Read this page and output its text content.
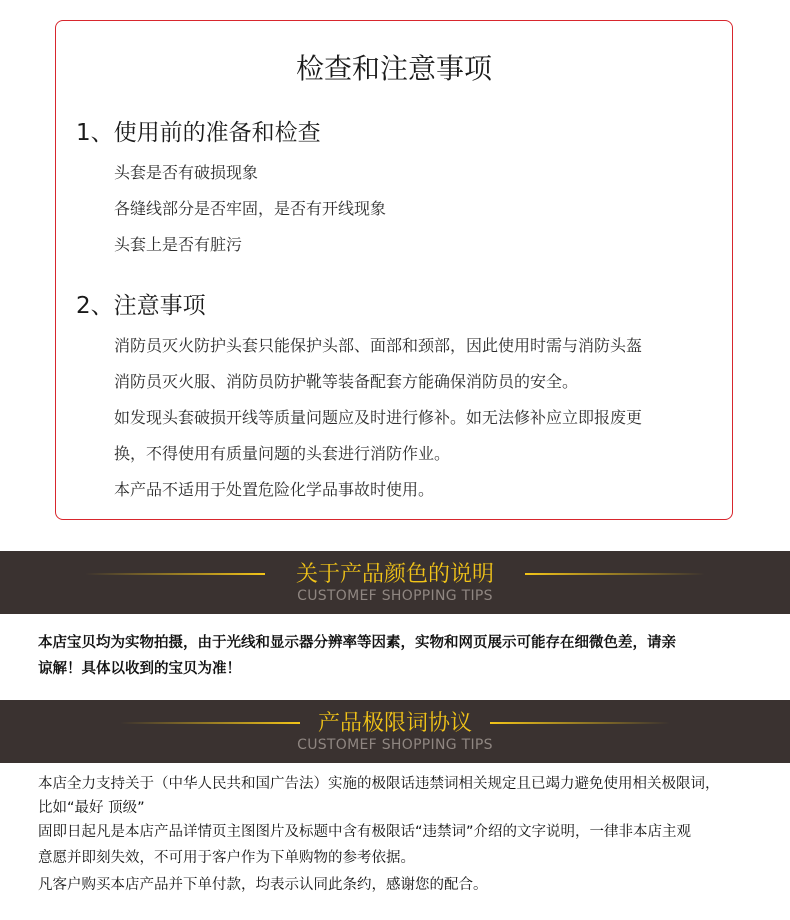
检查和注意事项
1、使用前的准备和检查
头套是否有破损现象
各缝线部分是否牢固，是否有开线现象
头套上是否有脏污
2、注意事项
消防员灭火防护头套只能保护头部、面部和颈部，因此使用时需与消防头盔
消防员灭火服、消防员防护靴等装备配套方能确保消防员的安全。
如发现头套破损开线等质量问题应及时进行修补。如无法修补应立即报废更
换，不得使用有质量问题的头套进行消防作业。
本产品不适用于处置危险化学品事故时使用。
关于产品颜色的说明
CUSTOMEF SHOPPING TIPS
本店宝贝均为实物拍摄，由于光线和显示器分辨率等因素，实物和网页展示可能存在细微色差，请亲
谅解！具体以收到的宝贝为准！
产品极限词协议
CUSTOMEF SHOPPING TIPS
本店全力支持关于（中华人民共和国广告法）实施的极限话违禁词相关规定且已竭力避免使用相关极限词，
比如“最好 顶级”
固即日起凡是本店产品详情页主图图片及标题中含有极限话“违禁词”介绍的文字说明，一律非本店主观
意愿并即刻失效，不可用于客户作为下单购物的参考依据。
凡客户购买本店产品并下单付款，均表示认同此条约，感谢您的配合。
